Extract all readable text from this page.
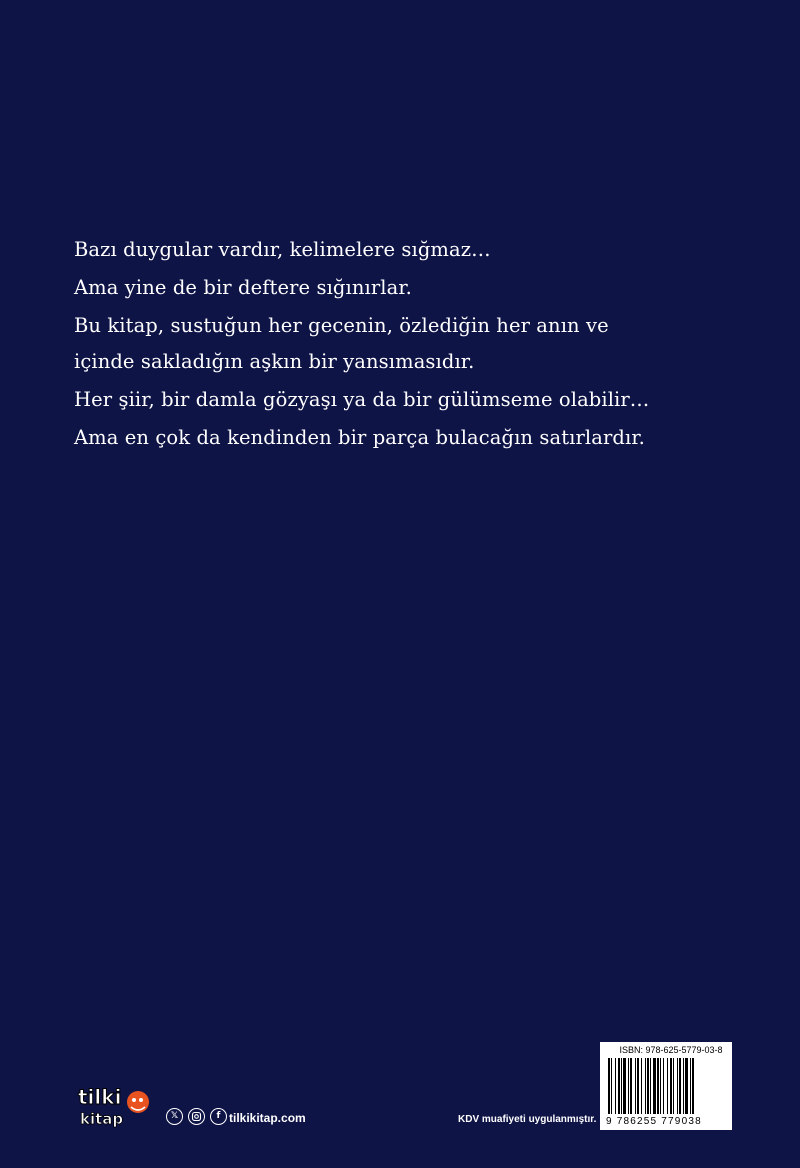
Bazı duygular vardır, kelimelere sığmaz…

Ama yine de bir deftere sığınırlar.

Bu kitap, sustuğun her gecenin, özlediğin her anın ve içinde sakladığın aşkın bir yansımasıdır.

Her şiir, bir damla gözyaşı ya da bir gülümseme olabilir…

Ama en çok da kendinden bir parça bulacağın satırlardır.

tilki
kitap	𝕏	f tilkikitap.com	KDV muafiyeti uygulanmıştır.
ISBN: 978-625-5779-03-8
9 786255 779038
